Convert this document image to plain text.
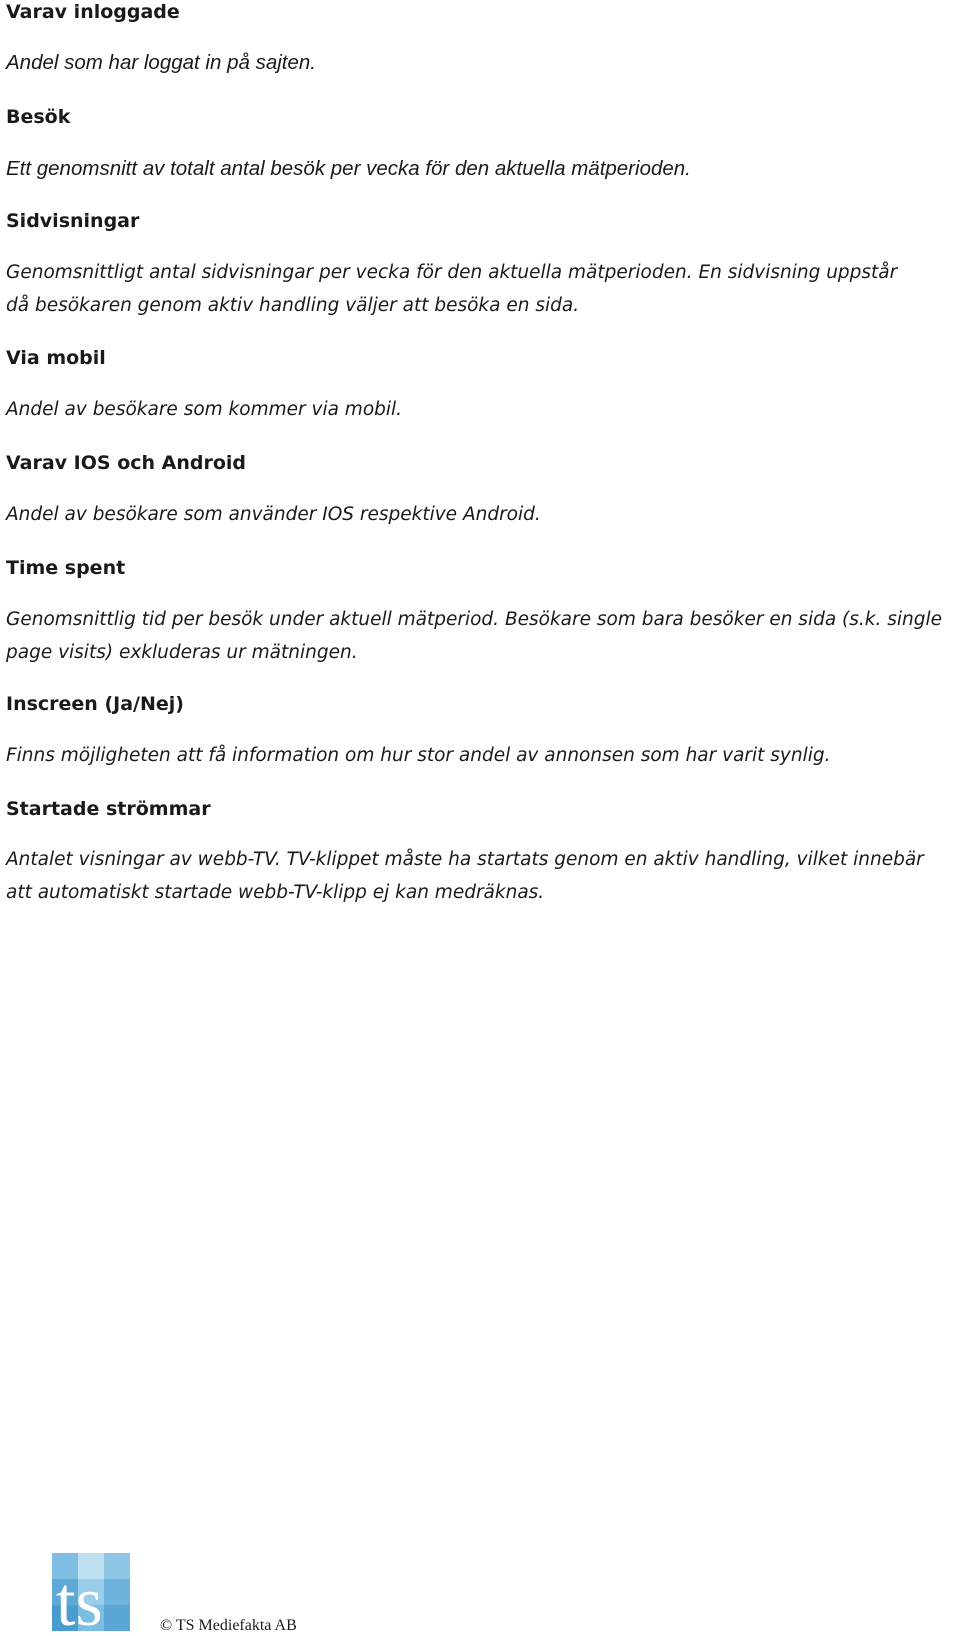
Varav inloggade

Andel som har loggat in på sajten.

Besök

Ett genomsnitt av totalt antal besök per vecka för den aktuella mätperioden.

Sidvisningar

Genomsnittligt antal sidvisningar per vecka för den aktuella mätperioden. En sidvisning uppstår då besökaren genom aktiv handling väljer att besöka en sida.

Via mobil

Andel av besökare som kommer via mobil.

Varav IOS och Android

Andel av besökare som använder IOS respektive Android.

Time spent

Genomsnittlig tid per besök under aktuell mätperiod. Besökare som bara besöker en sida (s.k. single page visits) exkluderas ur mätningen.

Inscreen (Ja/Nej)

Finns möjligheten att få information om hur stor andel av annonsen som har varit synlig.

Startade strömmar

Antalet visningar av webb-TV. TV-klippet måste ha startats genom en aktiv handling, vilket innebär att automatiskt startade webb-TV-klipp ej kan medräknas.

ts	© TS Mediefakta AB
